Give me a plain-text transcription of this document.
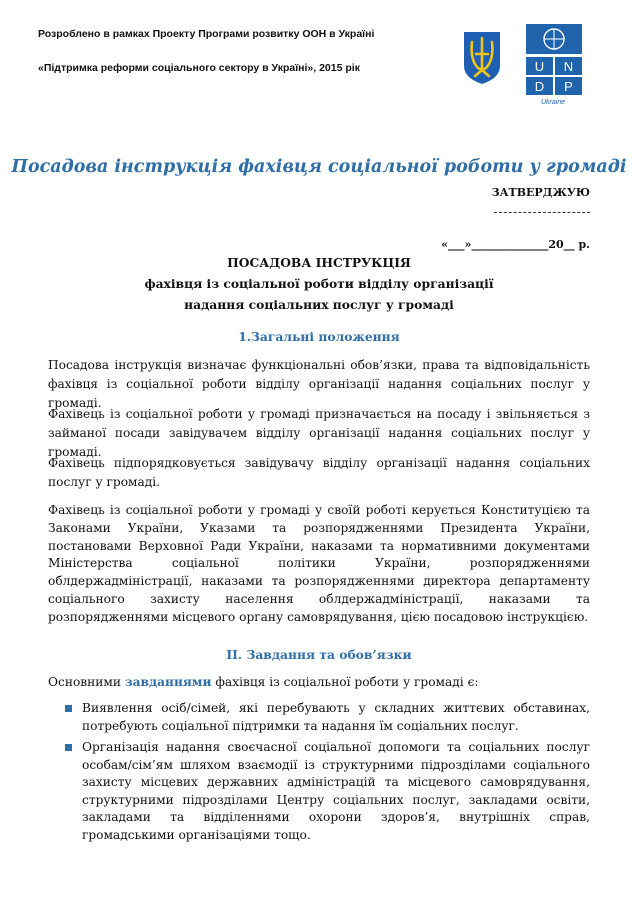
Розроблено в рамках Проекту Програми розвитку ООН в Україні
«Підтримка реформи соціального сектору в Україні», 2015 рік	U N
D P
Ukraine
Посадова інструкція фахівця соціальної роботи у громаді
ЗАТВЕРДЖУЮ
«___»______________20__ р.
ПОСАДОВА ІНСТРУКЦІЯ
фахівця із соціальної роботи відділу організації
надання соціальних послуг у громаді
1.Загальні положення
Посадова інструкція визначає функціональні обов’язки, права та відповідальність фахівця із соціальної роботи відділу організації надання соціальних послуг у громаді.
Фахівець із соціальної роботи у громаді призначається на посаду і звільняється з займаної посади завідувачем відділу організації надання соціальних послуг у громаді.
Фахівець підпорядковується завідувачу відділу організації надання соціальних послуг у громаді.
Фахівець із соціальної роботи у громаді у своїй роботі керується Конституцією та Законами України, Указами та розпорядженнями Президента України, постановами Верховної Ради України, наказами та нормативними документами Міністерства соціальної політики України, розпорядженнями облдержадміністрації, наказами та розпорядженнями директора департаменту соціального захисту населення облдержадміністрації, наказами та розпорядженнями місцевого органу самоврядування, цією посадовою інструкцією.
II. Завдання та обов’язки
Основними завданнями фахівця із соціальної роботи у громаді є:
Виявлення осіб/сімей, які перебувають у складних життєвих обставинах, потребують соціальної підтримки та надання їм соціальних послуг.
Організація надання своєчасної соціальної допомоги та соціальних послуг особам/сім’ям шляхом взаємодії із структурними підрозділами соціального захисту місцевих державних адміністрацій та місцевого самоврядування, структурними підрозділами Центру соціальних послуг, закладами освіти, закладами та відділеннями охорони здоров’я, внутрішніх справ, громадськими організаціями тощо.
